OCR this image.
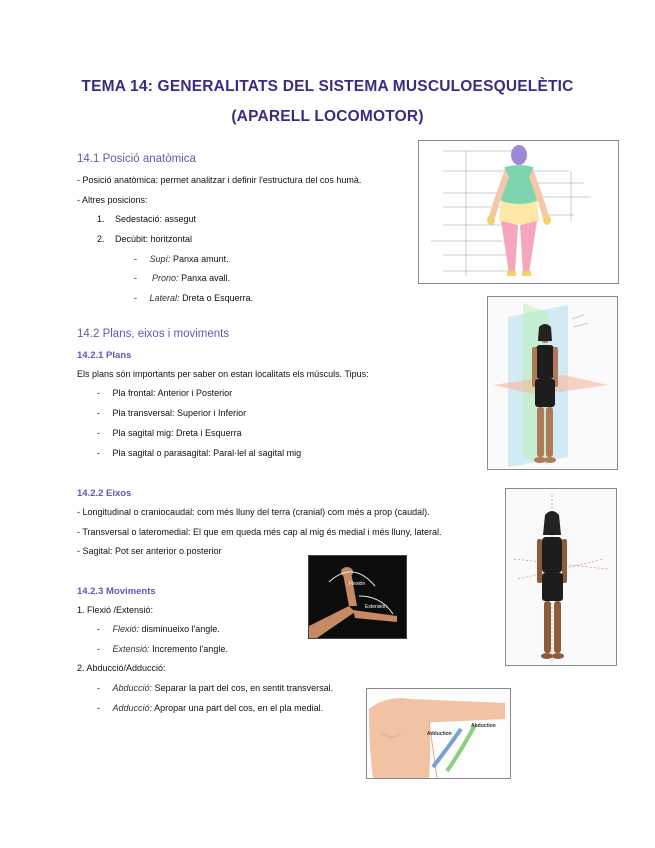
TEMA 14: GENERALITATS DEL SISTEMA MUSCULOESQUELÈTIC
(APARELL LOCOMOTOR)
14.1 Posició anatòmica
- Posició anatòmica: permet analitzar i definir l'estructura del cos humà.
- Altres posicions:
1. Sedestació: assegut
2. Decúbit: horitzontal
- Supí: Panxa amunt.
- Prono: Panxa avall.
- Lateral: Dreta o Esquerra.
14.2 Plans, eixos i moviments
14.2.1 Plans
Els plans són importants per saber on estan localitats els músculs. Tipus:
- Pla frontal: Anterior i Posterior
- Pla transversal: Superior i Inferior
- Pla sagital mig: Dreta i Esquerra
- Pla sagital o parasagital: Paral·lel al sagital mig
14.2.2 Eixos
- Longitudinal o craniocaudal: com més lluny del terra (cranial) com més a prop (caudal).
- Transversal o lateromedial: El que em queda més cap al mig és medial i més lluny, lateral.
- Sagital: Pot ser anterior o posterior
14.2.3 Moviments
1. Flexió /Extensió:
- Flexió: disminueixo l'angle.
- Extensió: Incremento l'angle.
2. Abducció/Adducció:
- Abducció: Separar la part del cos, en sentit transversal.
- Adducció: Apropar una part del cos, en el pla medial.
Flexión
Extensión
Adduction
Abduction
